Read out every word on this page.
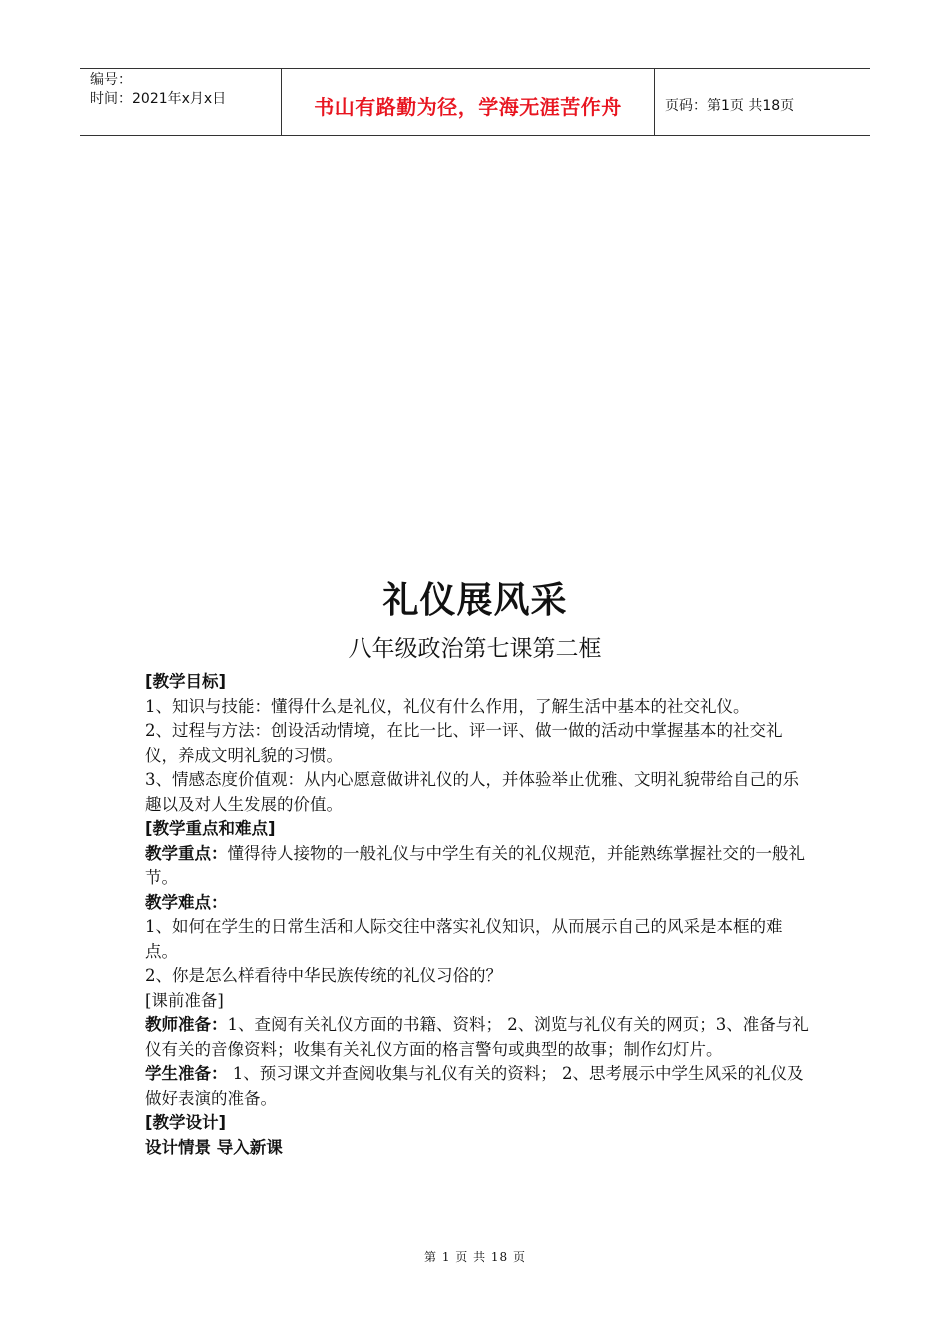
编号：
时间：2021年x月x日	书山有路勤为径，学海无涯苦作舟	页码：第1页 共18页
礼仪展风采
八年级政治第七课第二框

[教学目标]

1、知识与技能：懂得什么是礼仪，礼仪有什么作用，了解生活中基本的社交礼仪。

2、过程与方法：创设活动情境，在比一比、评一评、做一做的活动中掌握基本的社交礼仪，养成文明礼貌的习惯。

3、情感态度价值观：从内心愿意做讲礼仪的人，并体验举止优雅、文明礼貌带给自己的乐趣以及对人生发展的价值。

[教学重点和难点]

教学重点：懂得待人接物的一般礼仪与中学生有关的礼仪规范，并能熟练掌握社交的一般礼节。

教学难点：

1、如何在学生的日常生活和人际交往中落实礼仪知识，从而展示自己的风采是本框的难点。

2、你是怎么样看待中华民族传统的礼仪习俗的？

[课前准备]

教师准备：1、查阅有关礼仪方面的书籍、资料； 2、浏览与礼仪有关的网页；3、准备与礼仪有关的音像资料；收集有关礼仪方面的格言警句或典型的故事；制作幻灯片。

学生准备： 1、预习课文并查阅收集与礼仪有关的资料； 2、思考展示中学生风采的礼仪及做好表演的准备。

[教学设计]

设计情景 导入新课

第 1 页 共 18 页
